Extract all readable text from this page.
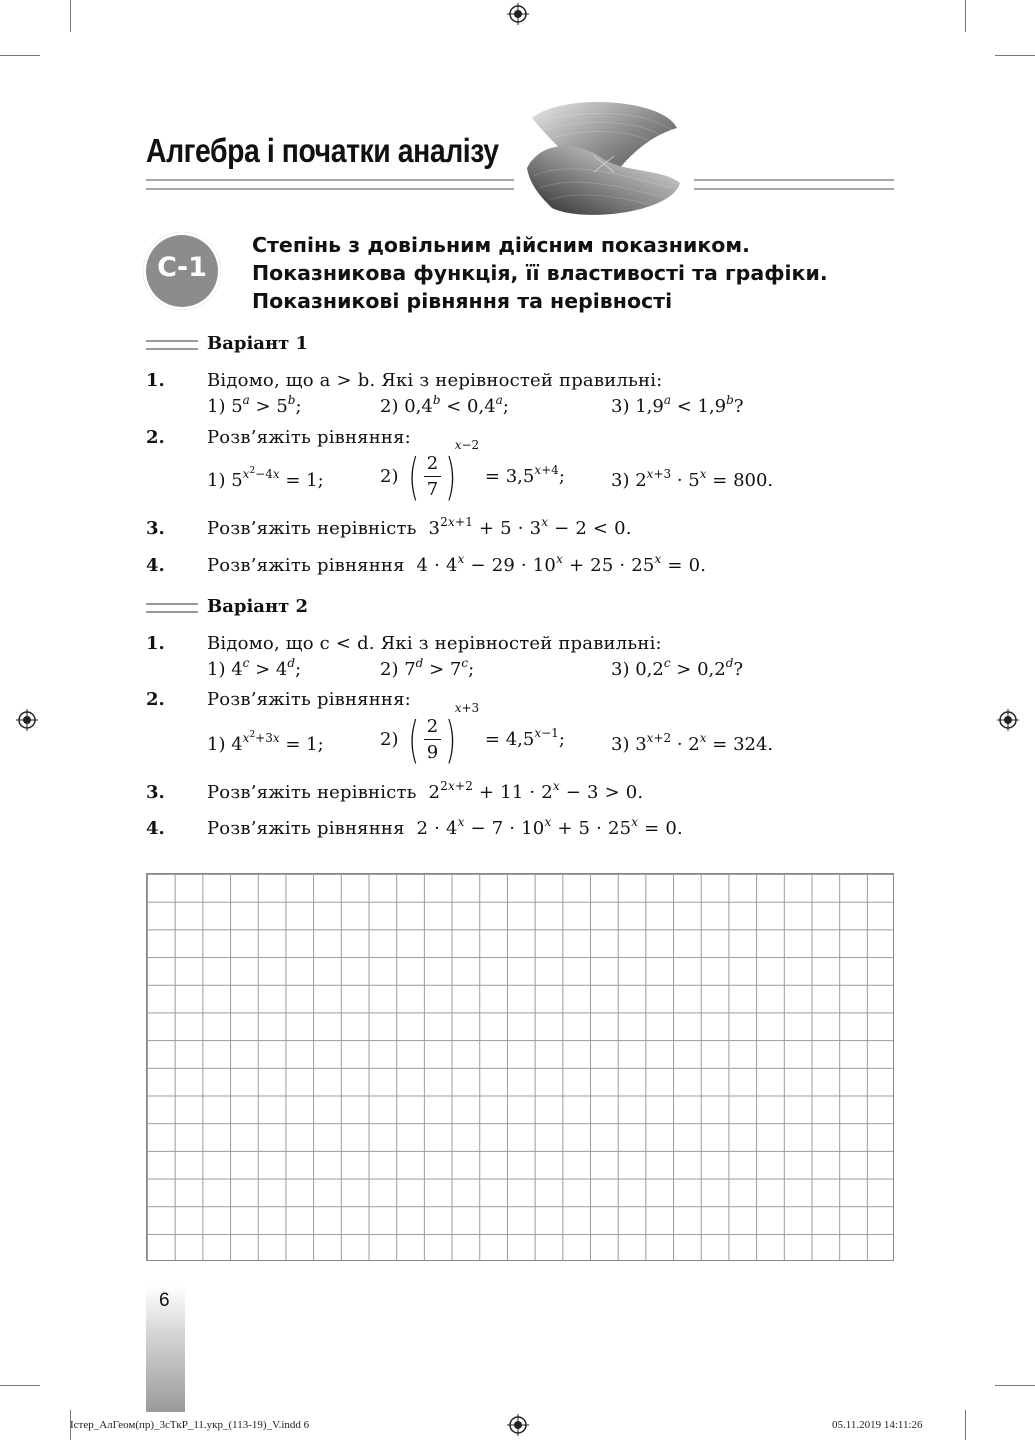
Алгебра і початки аналізу
С-1
Степінь з довільним дійсним показником.
Показникова функція, її властивості та графіки.
Показникові рівняння та нерівності
Варіант 1
1. Відомо, що a > b. Які з нерівностей правильні:
1) $5^a > 5^b$;	2) 0,4$^b$ < 0,4$^a$;	3) 1,9$^a$ < 1,9$^b$?
2. Розв’яжіть рівняння:
1) $5^{x^2-4x} = 1$;	2) ( $\frac{2}{7} )x-2 = 3,5^{x+4}$;	3) $2^{x+3} \cdot 5^x = 800$.
3. Розв’яжіть нерівність  $3^{2x+1} + 5 \cdot 3^x - 2 < 0$.
4. Розв’яжіть рівняння  $4 \cdot 4^x - 29 \cdot 10^x + 25 \cdot 25^x = 0$.
Варіант 2
1. Відомо, що c < d. Які з нерівностей правильні:
1) $4^c > 4^d$;	2) $7^d > 7^c$;	3) 0,2$^c$ > 0,2$^d$?
2. Розв’яжіть рівняння:
1) $4^{x^2+3x} = 1$;	2) ( $\frac{2}{9} )x+3 = 4,5^{x-1}$;	3) $3^{x+2} \cdot 2^x = 324$.
3. Розв’яжіть нерівність  $2^{2x+2} + 11 \cdot 2^x - 3 > 0$.
4. Розв’яжіть рівняння  $2 \cdot 4^x - 7 \cdot 10^x + 5 \cdot 25^x = 0$.
6
Істер_АлГеом(пр)_3сТкР_11.укр_(113-19)_V.indd 6	05.11.2019 14:11:26
